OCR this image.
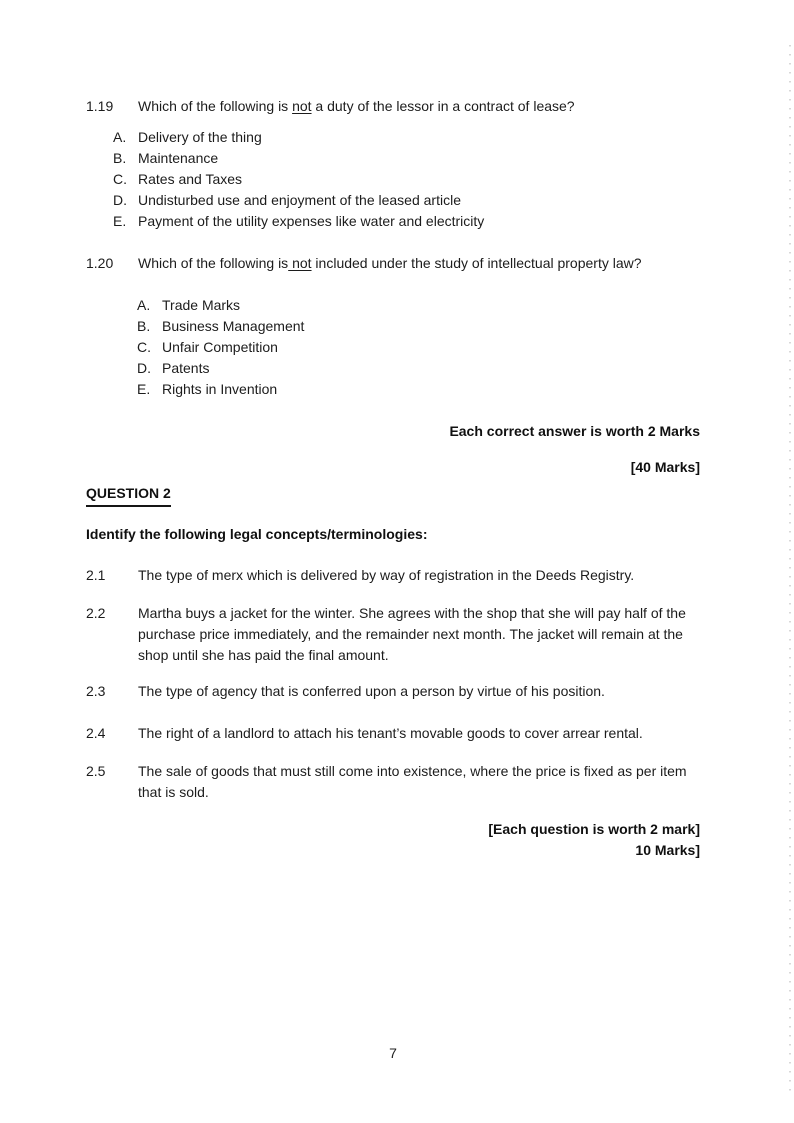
1.19	Which of the following is not a duty of the lessor in a contract of lease?

A. Delivery of the thing
B. Maintenance
C. Rates and Taxes
D. Undisturbed use and enjoyment of the leased article
E. Payment of the utility expenses like water and electricity
1.20	Which of the following is not included under the study of intellectual property law?

A. Trade Marks
B. Business Management
C. Unfair Competition
D. Patents
E. Rights in Invention

Each correct answer is worth 2 Marks

[40 Marks]

QUESTION 2

Identify the following legal concepts/terminologies:

2.1	The type of merx which is delivered by way of registration in the Deeds Registry.

2.2	Martha buys a jacket for the winter. She agrees with the shop that she will pay half of the purchase price immediately, and the remainder next month. The jacket will remain at the shop until she has paid the final amount.

2.3	The type of agency that is conferred upon a person by virtue of his position.

2.4	The right of a landlord to attach his tenant’s movable goods to cover arrear rental.

2.5	The sale of goods that must still come into existence, where the price is fixed as per item that is sold.

[Each question is worth 2 mark]

10 Marks]

7
